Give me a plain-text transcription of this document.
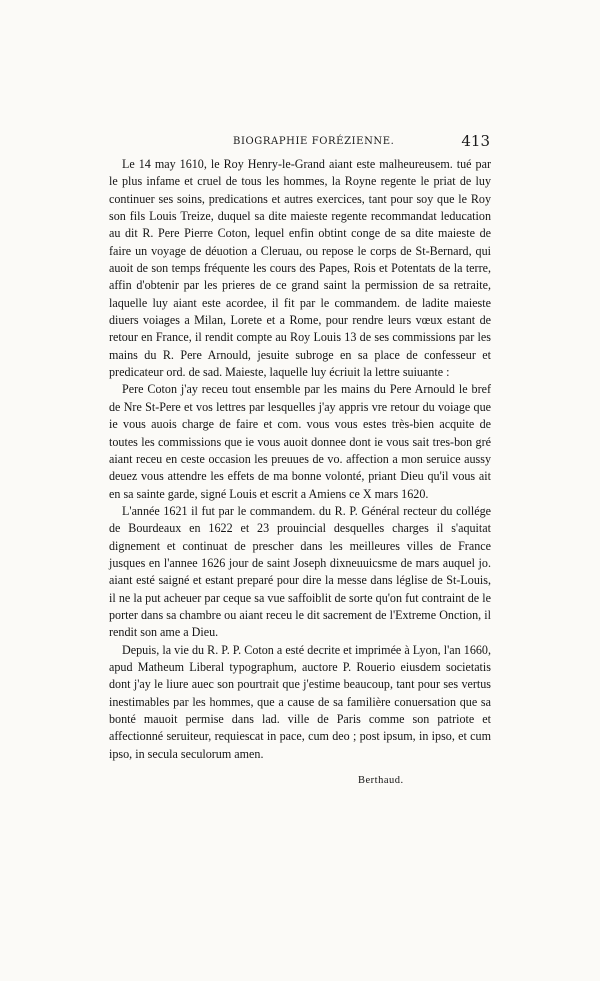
BIOGRAPHIE FORÉZIENNE.	413

Le 14 may 1610, le Roy Henry-le-Grand aiant este malheureusem. tué par le plus infame et cruel de tous les hommes, la Royne regente le priat de luy continuer ses soins, predications et autres exercices, tant pour soy que le Roy son fils Louis Treize, duquel sa dite maieste regente recommandat leducation au dit R. Pere Pierre Coton, lequel enfin obtint conge de sa dite maieste de faire un voyage de déuotion a Cleruau, ou repose le corps de St-Bernard, qui auoit de son temps fréquente les cours des Papes, Rois et Potentats de la terre, affin d'obtenir par les prieres de ce grand saint la permission de sa retraite, laquelle luy aiant este acordee, il fit par le commandem. de ladite maieste diuers voiages a Milan, Lorete et a Rome, pour rendre leurs vœux estant de retour en France, il rendit compte au Roy Louis 13 de ses commissions par les mains du R. Pere Arnould, jesuite subroge en sa place de confesseur et predicateur ord. de sad. Maieste, laquelle luy écriuit la lettre suiuante :

Pere Coton j'ay receu tout ensemble par les mains du Pere Arnould le bref de Nre St-Pere et vos lettres par lesquelles j'ay appris vre retour du voiage que ie vous auois charge de faire et com. vous vous estes très-bien acquite de toutes les commissions que ie vous auoit donnee dont ie vous sait tres-bon gré aiant receu en ceste occasion les preuues de vo. affection a mon seruice aussy deuez vous attendre les effets de ma bonne volonté, priant Dieu qu'il vous ait en sa sainte garde, signé Louis et escrit a Amiens ce X mars 1620.

L'année 1621 il fut par le commandem. du R. P. Général recteur du collége de Bourdeaux en 1622 et 23 prouincial desquelles charges il s'aquitat dignement et continuat de prescher dans les meilleures villes de France jusques en l'annee 1626 jour de saint Joseph dixneuuicsme de mars auquel jo. aiant esté saigné et estant preparé pour dire la messe dans léglise de St-Louis, il ne la put acheuer par ceque sa vue saffoiblit de sorte qu'on fut contraint de le porter dans sa chambre ou aiant receu le dit sacrement de l'Extreme Onction, il rendit son ame a Dieu.

Depuis, la vie du R. P. P. Coton a esté decrite et imprimée à Lyon, l'an 1660, apud Matheum Liberal typographum, auctore P. Rouerio eiusdem societatis dont j'ay le liure auec son pourtrait que j'estime beaucoup, tant pour ses vertus inestimables par les hommes, que a cause de sa familière conuersation que sa bonté mauoit permise dans lad. ville de Paris comme son patriote et affectionné seruiteur, requiescat in pace, cum deo ; post ipsum, in ipso, et cum ipso, in secula seculorum amen.

Berthaud.
